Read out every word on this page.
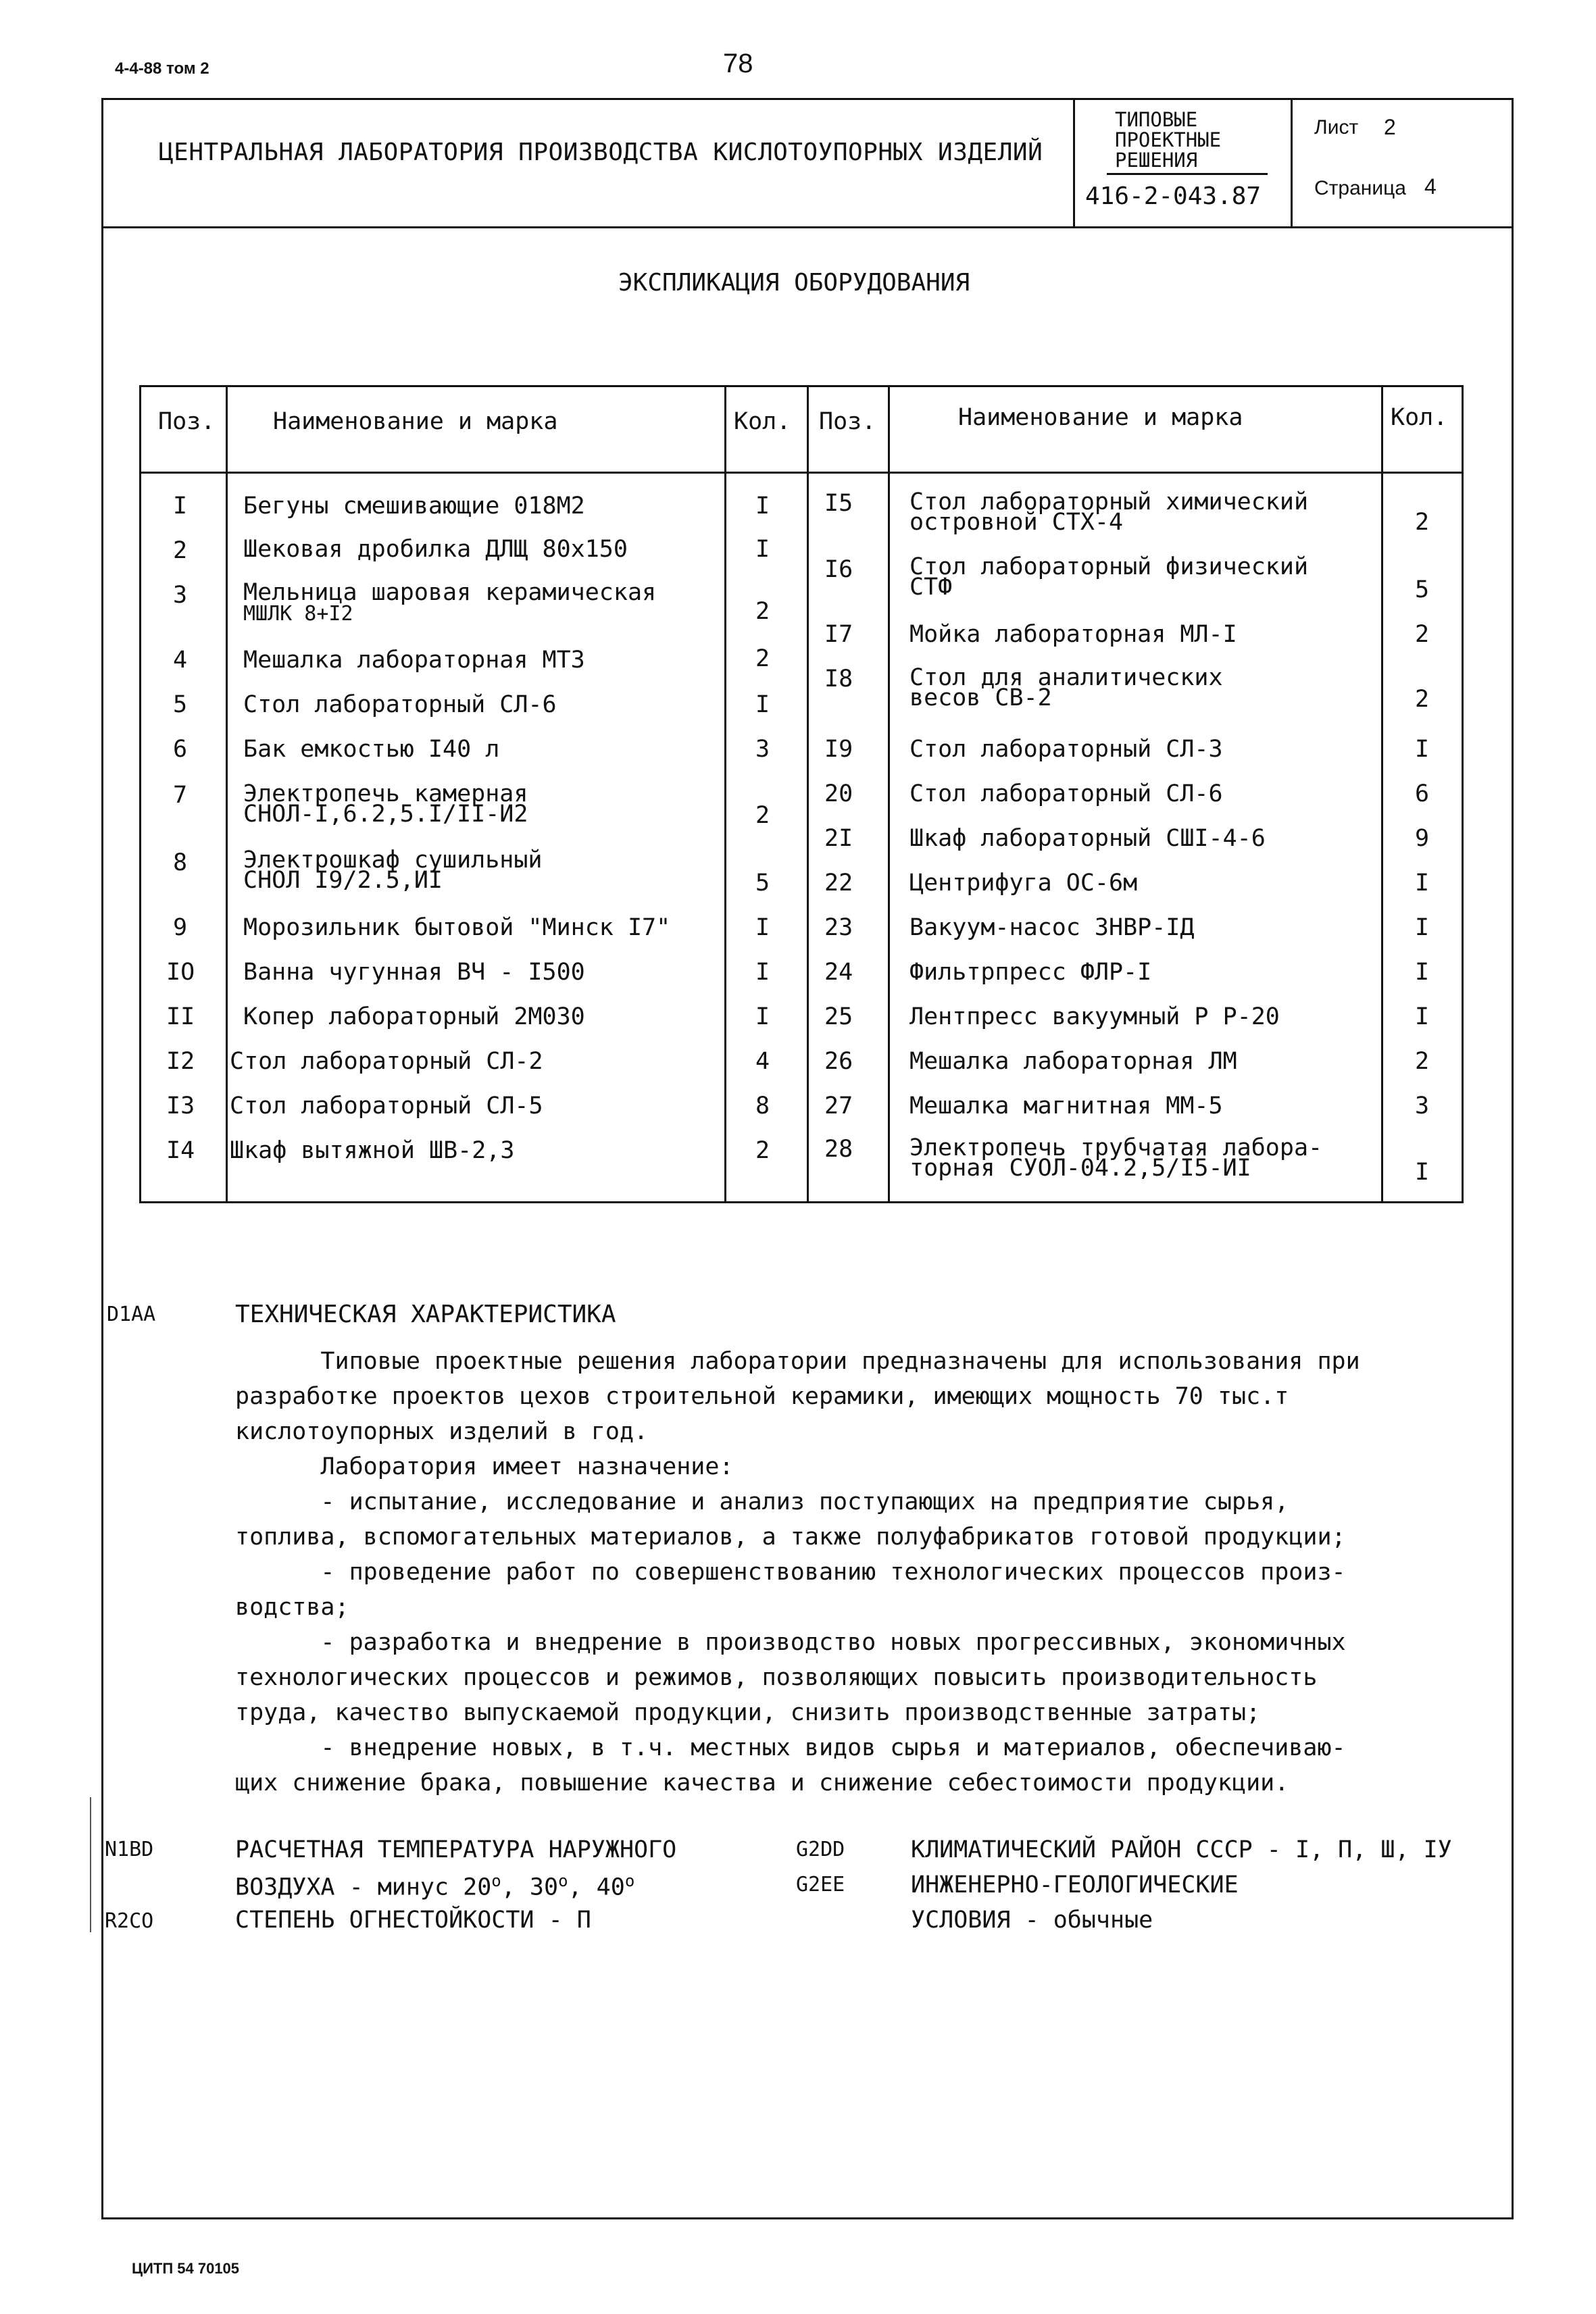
4-4-88 том 2	78
ЦЕНТРАЛЬНАЯ ЛАБОРАТОРИЯ ПРОИЗВОДСТВА КИСЛОТОУПОРНЫХ ИЗДЕЛИЙ
ТИПОВЫЕ
ПРОЕКТНЫЕ
РЕШЕНИЯ
416-2-043.87
Лист 2
Страница 4
ЭКСПЛИКАЦИЯ ОБОРУДОВАНИЯ
Поз. Наименование и марка	Кол. Поз.	Наименование и марка	Кол.
I Бегуны смешивающие 018М2	I
2 Шековая дробилка ДЛЩ 80х150	I
3 Мельница шаровая керамическая
МШЛК 8+I2	2
4 Мешалка лабораторная МТЗ	2
5 Стол лабораторный СЛ-6	I
6 Бак емкостью I40 л	3
7 Электропечь камерная
СНОЛ-I,6.2,5.I/II-И2	2
8 Электрошкаф сушильный
СНОЛ I9/2.5,ИI	5
9 Морозильник бытовой "Минск I7"	I
IO Ванна чугунная ВЧ - I500	I
II Копер лабораторный 2М030	I
I2 Стол лабораторный СЛ-2	4
I3 Стол лабораторный СЛ-5	8
I4 Шкаф вытяжной ШВ-2,3	2
I5 Стол лабораторный химический
островной СТХ-4	2
I6 Стол лабораторный физический
СТФ	5
I7 Мойка лабораторная МЛ-I	2
I8 Стол для аналитических
весов СВ-2	2
I9 Стол лабораторный СЛ-3	I
20 Стол лабораторный СЛ-6	6
2I Шкаф лабораторный СШI-4-6	9
22 Центрифуга ОС-6м	I
23 Вакуум-насос ЗНВР-IД	I
24 Фильтрпресс ФЛР-I	I
25 Лентпресс вакуумный Р Р-20	I
26 Мешалка лабораторная ЛМ	2
27 Мешалка магнитная ММ-5	3
28 Электропечь трубчатая лабора-
торная СУОЛ-04.2,5/I5-ИI	I
D1AA	ТЕХНИЧЕСКАЯ ХАРАКТЕРИСТИКА
Типовые проектные решения лаборатории предназначены для использования при
разработке проектов цехов строительной керамики, имеющих мощность 70 тыс.т
кислотоупорных изделий в год.
Лаборатория имеет назначение:
- испытание, исследование и анализ поступающих на предприятие сырья,
топлива, вспомогательных материалов, а также полуфабрикатов готовой продукции;
- проведение работ по совершенствованию технологических процессов произ-
водства;
- разработка и внедрение в производство новых прогрессивных, экономичных
технологических процессов и режимов, позволяющих повысить производительность
труда, качество выпускаемой продукции, снизить производственные затраты;
- внедрение новых, в т.ч. местных видов сырья и материалов, обеспечиваю-
щих снижение брака, повышение качества и снижение себестоимости продукции.
N1BD	РАСЧЕТНАЯ ТЕМПЕРАТУРА НАРУЖНОГО
ВОЗДУХА - минус $20^о$, $30^о$, $40^о$
R2CO	СТЕПЕНЬ ОГНЕСТОЙКОСТИ - П
G2DD	КЛИМАТИЧЕСКИЙ РАЙОН СССР - I, П, Ш, IУ
G2EE	ИНЖЕНЕРНО-ГЕОЛОГИЧЕСКИЕ
УСЛОВИЯ - обычные
ЦИТП 54 70105
